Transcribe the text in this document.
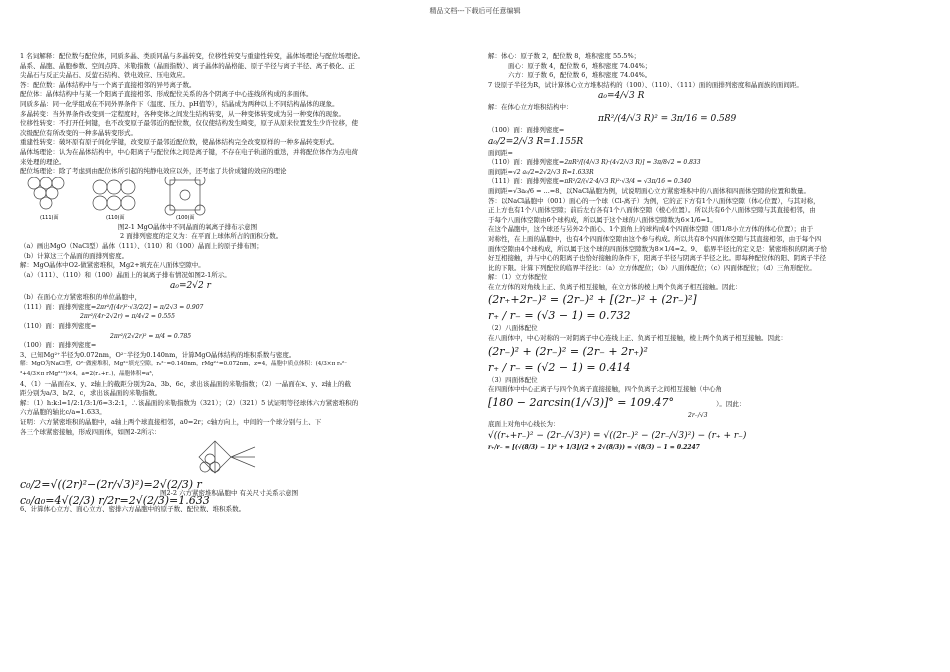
精品文档---下载后可任意编辑

1 名词解释：配位数与配位体，同质多晶、类质同晶与多晶转变，位移性转变与重建性转变，晶体场理论与配位场理论。

晶系、晶胞、晶胞参数、空间点阵、米勒指数（晶面指数）、离子晶体的晶格能、原子半径与离子半径、离子极化、正

尖晶石与反正尖晶石、反萤石结构、铁电效应、压电效应。

答：配位数：晶体结构中与一个离子直接相邻的异号离子数。

配位体：晶体结构中与某一个阳离子直接相邻、形成配位关系的各个阴离子中心连线所构成的多面体。

同质多晶：同一化学组成在不同外界条件下（温度、压力、pH值等），结晶成为两种以上不同结构晶体的现象。

多晶转变：当外界条件改变到一定程度时，各种变体之间发生结构转变，从一种变体转变成为另一种变体的现象。

位移性转变：不打开任何键，也不改变原子最邻近的配位数，仅仅使结构发生畸变，原子从原来位置发生少许位移，使

次级配位有所改变的一种多晶转变形式。

重建性转变：破坏原有原子间化学键，改变原子最邻近配位数，使晶体结构完全改变原样的一种多晶转变形式。

晶体场理论：认为在晶体结构中，中心阳离子与配位体之间是离子键，不存在电子轨道的重迭，并将配位体作为点电荷

来处理的理论。

配位场理论：除了考虑到由配位体所引起的纯静电效应以外，还考虑了共价成键的效应的理论

(111)面	(110)面	(100)面

图2-1 MgO晶体中不同晶面的氧离子排布示意图

2 面排列密度的定义为：在平面上球体所占的面积分数。

（a）画出MgO（NaCl型）晶体（111）、（110）和（100）晶面上的原子排布图；

（b）计算这三个晶面的面排列密度。

解：MgO晶体中O2-做紧密堆积，Mg2+填充在八面体空隙中。

（a）（111）、（110）和（100）晶面上的氧离子排布情况如图2-1所示。

a₀=2√2 r

（b）在面心立方紧密堆积的单位晶胞中，

（111）面：面排列密度=2πr²/[(4r)²·√3/2/2] = π/2√3 = 0.907

2πr²/(4r·2√2r) = π/4√2 = 0.555

（110）面：面排列密度=

2πr²/(2√2r)² = π/4 = 0.785

（100）面：面排列密度=

3、已知Mg²⁺半径为0.072nm，O²⁻半径为0.140nm，计算MgO晶体结构的堆积系数与密度。

解：MgO为NaCl型，O²⁻做密堆积，Mg²⁺填充空隙。r₀²⁻=0.140nm，rMg²⁺=0.072nm，z=4，晶胞中质点体积：(4/3×π r₀²⁻

³+4/3×π rMg²⁺³)×4，a=2(r₊+r₋)，晶胞体积=a³，

4、（1）一晶面在x、y、z轴上的截距分别为2a、3b、6c，求出该晶面的米勒指数；（2）一晶面在x、y、z轴上的截

距分别为a/3、b/2、c，求出该晶面的米勒指数。

解：（1）h:k:l=1/2:1/3:1/6=3:2:1，∴该晶面的米勒指数为（321）；（2）（321）5 试证明等径球体六方紧密堆积的

六方晶胞的轴比c/a≈1.633。

证明：六方紧密堆积的晶胞中，a轴上两个球直接相邻，a0=2r；c轴方向上，中间的一个球分别与上、下

各三个球紧密接触，形成四面体，如图2-2所示：

c₀/2=√((2r)²−(2r/√3)²)=2√(2/3) r

c₀/a₀=4√(2/3) r/2r=2√(2/3)=1.633

图2-2 六方紧密堆积晶胞中 有关尺寸关系示意图

6、计算体心立方、面心立方、密排六方晶胞中的原子数、配位数、堆积系数。

解：体心：原子数 2，配位数 8，堆积密度 55.5%；

面心：原子数 4，配位数 6，堆积密度 74.04%；

六方：原子数 6，配位数 6，堆积密度 74.04%。

7 设原子半径为R，试计算体心立方堆积结构的（100）、（110）、（111）面的面排列密度和晶面族的面间距。

a₀=4/√3 R

解：在体心立方堆积结构中：

πR²/(4/√3 R)² = 3π/16 = 0.589

（100）面：面排列密度=

a₀/2=2/√3 R=1.155R

面间距=

（110）面：面排列密度=2πR²/[(4/√3 R)·(4√2/√3 R)] = 3π/8√2 = 0.833

面间距=√2 a₀/2=2√2/√3 R=1.633R

（111）面：面排列密度=πR²/2/(√2·4/√3 R)²·√3/4 = √3π/16 = 0.340

面间距=√3a₀/6 = ...=8、以NaCl晶胞为例，试说明面心立方紧密堆积中的八面体和四面体空隙的位置和数量。

答：以NaCl晶胞中（001）面心的一个球（Cl-离子）为例，它的正下方有1个八面体空隙（体心位置），与其对称，

正上方也有1个八面体空隙；前后左右各有1个八面体空隙（棱心位置）。所以共有6个八面体空隙与其直接相邻，由

于每个八面体空隙由6个球构成，所以属于这个球的八面体空隙数为6×1/6=1。

在这个晶胞中，这个球还与另外2个面心、1个顶角上的球构成4个四面体空隙（即1/8小立方体的体心位置）；由于

对称性，在上面的晶胞中，也有4个四面体空隙由这个参与构成。所以共有8个四面体空隙与其直接相邻，由于每个四

面体空隙由4个球构成，所以属于这个球的四面体空隙数为8×1/4=2。9、 临界半径比的定义是：紧密堆积的阴离子恰

好互相接触，并与中心的阳离子也恰好接触的条件下，阳离子半径与阴离子半径之比。即每种配位体的阳、阴离子半径

比的下限。计算下列配位的临界半径比：（a）立方体配位；（b）八面体配位；（c）四面体配位；（d）三角形配位。

解：（1）立方体配位

在立方体的对角线上正、负离子相互接触，在立方体的棱上两个负离子相互接触。因此：

(2r₊+2r₋)² = (2r₋)² + [(2r₋)² + (2r₋)²]

r₊ / r₋ = (√3 − 1) = 0.732

（2）八面体配位

在八面体中，中心对称的一对阴离子中心连线上正、负离子相互接触，棱上两个负离子相互接触。因此：

(2r₋)² + (2r₋)² = (2r₋ + 2r₊)²

r₊ / r₋ = (√2 − 1) = 0.414

（3）四面体配位

在四面体中中心正离子与四个负离子直接接触，四个负离子之间相互接触（中心角

[180 − 2arcsin(1/√3)]° = 109.47°	）。因此：

2r₋/√3

底面上对角中心线长为：

√((r₊+r₋)² − (2r₋/√3)²) = √((2r₋)² − (2r₋/√3)²) − (r₊ + r₋)

r₊/r₋ = [(√(8/3) − 1)² + 1/3]/(2 + 2√(8/3)) = √(8/3) − 1 = 0.2247
